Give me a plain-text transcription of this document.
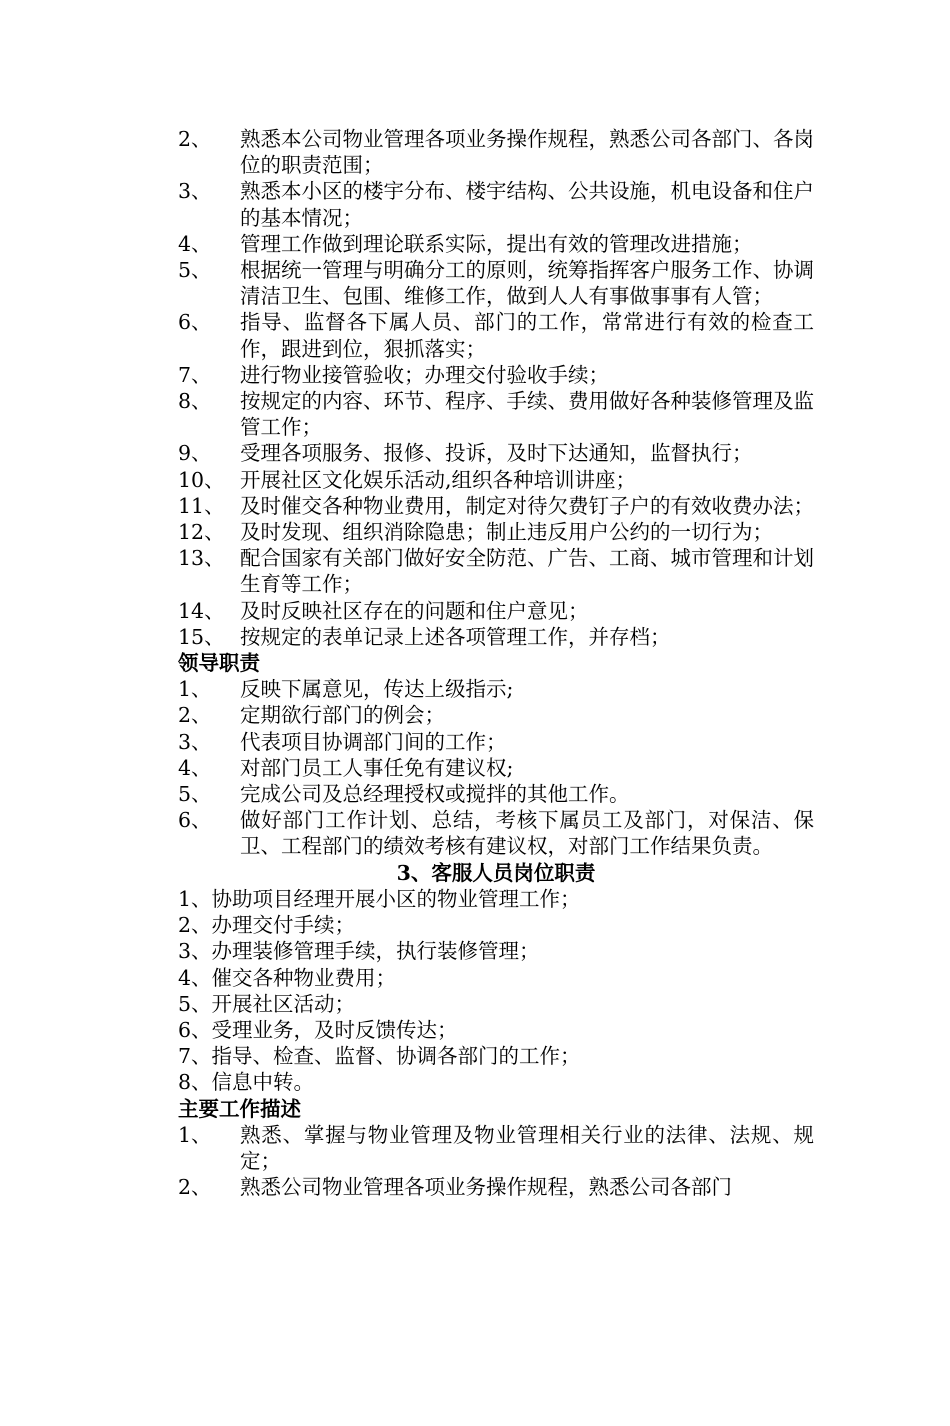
2、	熟悉本公司物业管理各项业务操作规程，熟悉公司各部门、各岗位的职责范围；
3、	熟悉本小区的楼宇分布、楼宇结构、公共设施，机电设备和住户的基本情况；
4、	管理工作做到理论联系实际，提出有效的管理改进措施；
5、	根据统一管理与明确分工的原则，统筹指挥客户服务工作、协调清洁卫生、包围、维修工作，做到人人有事做事事有人管；
6、	指导、监督各下属人员、部门的工作，常常进行有效的检查工作，跟进到位，狠抓落实；
7、	进行物业接管验收；办理交付验收手续；
8、	按规定的内容、环节、程序、手续、费用做好各种装修管理及监管工作；
9、	受理各项服务、报修、投诉，及时下达通知，监督执行；
10、 开展社区文化娱乐活动,组织各种培训讲座；
11、 及时催交各种物业费用，制定对待欠费钉子户的有效收费办法；
12、 及时发现、组织消除隐患；制止违反用户公约的一切行为；
13、 配合国家有关部门做好安全防范、广告、工商、城市管理和计划生育等工作；
14、 及时反映社区存在的问题和住户意见；
15、 按规定的表单记录上述各项管理工作，并存档；
领导职责
1、	反映下属意见，传达上级指示;
2、	定期欲行部门的例会；
3、	代表项目协调部门间的工作；
4、	对部门员工人事任免有建议权;
5、	完成公司及总经理授权或搅拌的其他工作。
6、	做好部门工作计划、总结，考核下属员工及部门，对保洁、保卫、工程部门的绩效考核有建议权，对部门工作结果负责。
3、客服人员岗位职责
1、协助项目经理开展小区的物业管理工作；
2、办理交付手续；
3、办理装修管理手续，执行装修管理；
4、催交各种物业费用；
5、开展社区活动；
6、受理业务，及时反馈传达；
7、指导、检查、监督、协调各部门的工作；
8、信息中转。
主要工作描述
1、	熟悉、掌握与物业管理及物业管理相关行业的法律、法规、规定；
2、	熟悉公司物业管理各项业务操作规程，熟悉公司各部门
